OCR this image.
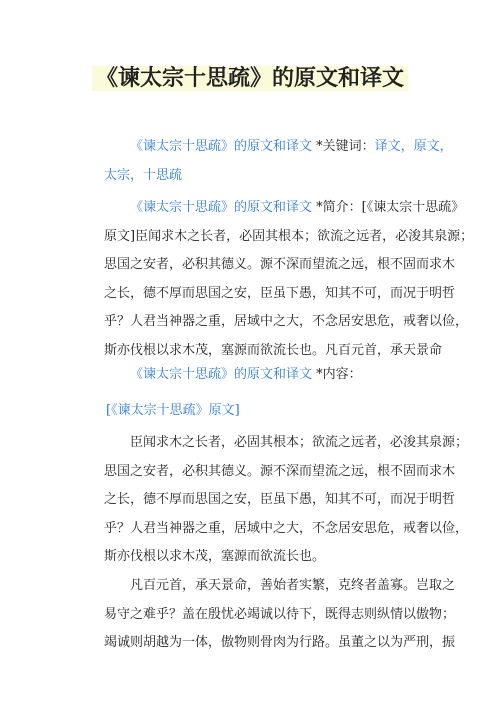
《谏太宗十思疏》的原文和译文
《谏太宗十思疏》的原文和译文 *关键词：译文，原文，
太宗，十思疏
《谏太宗十思疏》的原文和译文 *简介：[《谏太宗十思疏》
原文]臣闻求木之长者，必固其根本；欲流之远者，必浚其泉源；
思国之安者，必积其德义。源不深而望流之远，根不固而求木
之长，德不厚而思国之安，臣虽下愚，知其不可，而况于明哲
乎？人君当神器之重，居域中之大，不念居安思危，戒奢以俭，
斯亦伐根以求木茂，塞源而欲流长也。凡百元首，承天景命
《谏太宗十思疏》的原文和译文 *内容：
[《谏太宗十思疏》原文]
臣闻求木之长者，必固其根本；欲流之远者，必浚其泉源；
思国之安者，必积其德义。源不深而望流之远，根不固而求木
之长，德不厚而思国之安，臣虽下愚，知其不可，而况于明哲
乎？人君当神器之重，居域中之大，不念居安思危，戒奢以俭，
斯亦伐根以求木茂，塞源而欲流长也。
凡百元首，承天景命，善始者实繁，克终者盖寡。岂取之
易守之难乎？盖在殷忧必竭诚以待下，既得志则纵情以傲物；
竭诚则胡越为一体，傲物则骨肉为行路。虽董之以为严刑，振
